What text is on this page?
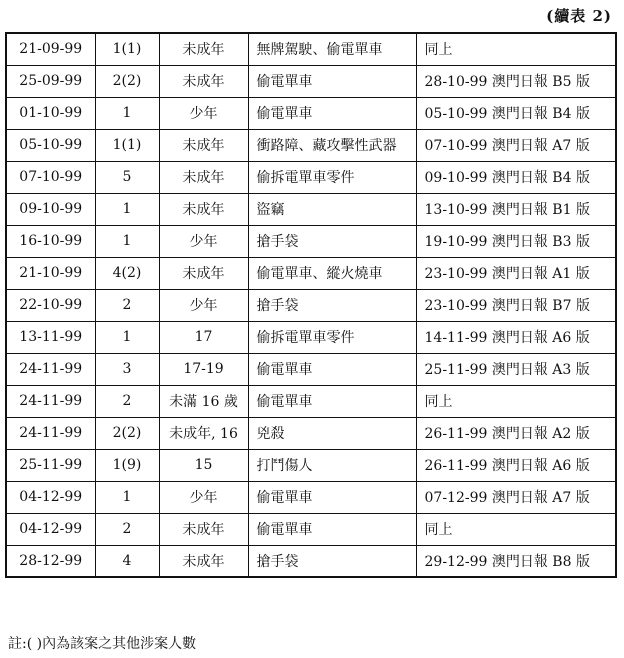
(續表 2)
21-09-99	1(1)	未成年	無牌駕駛、偷電單車	同上
25-09-99	2(2)	未成年	偷電單車	28-10-99 澳門日報 B5 版
01-10-99	1	少年	偷電單車	05-10-99 澳門日報 B4 版
05-10-99	1(1)	未成年	衝路障、藏攻擊性武器	07-10-99 澳門日報 A7 版
07-10-99	5	未成年	偷拆電單車零件	09-10-99 澳門日報 B4 版
09-10-99	1	未成年	盜竊	13-10-99 澳門日報 B1 版
16-10-99	1	少年	搶手袋	19-10-99 澳門日報 B3 版
21-10-99	4(2)	未成年	偷電單車、縱火燒車	23-10-99 澳門日報 A1 版
22-10-99	2	少年	搶手袋	23-10-99 澳門日報 B7 版
13-11-99	1	17	偷拆電單車零件	14-11-99 澳門日報 A6 版
24-11-99	3	17-19	偷電單車	25-11-99 澳門日報 A3 版
24-11-99	2	未滿 16 歲	偷電單車	同上
24-11-99	2(2)	未成年, 16	兇殺	26-11-99 澳門日報 A2 版
25-11-99	1(9)	15	打鬥傷人	26-11-99 澳門日報 A6 版
04-12-99	1	少年	偷電單車	07-12-99 澳門日報 A7 版
04-12-99	2	未成年	偷電單車	同上
28-12-99	4	未成年	搶手袋	29-12-99 澳門日報 B8 版
註:( )內為該案之其他涉案人數
